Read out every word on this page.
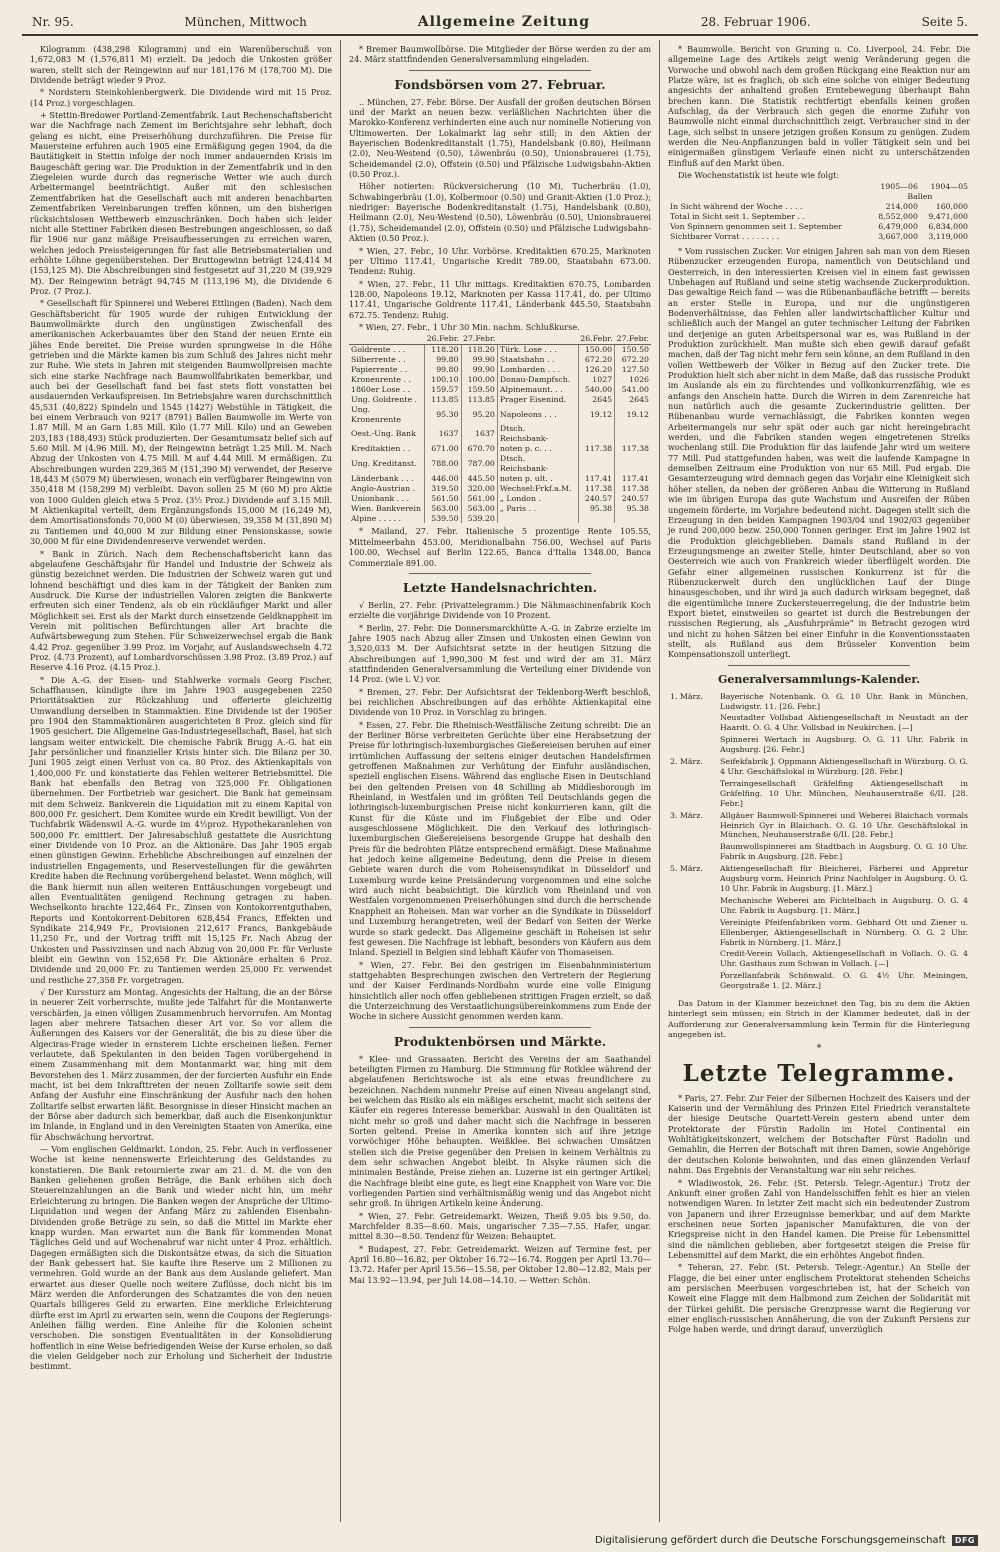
Nr. 95.	München, Mittwoch	Allgemeine Zeitung	28. Februar 1906.	Seite 5.

Kilogramm (438,298 Kilogramm) und ein Warenüberschuß von 1,672,083 M (1,576,811 M) erzielt. Da jedoch die Unkosten größer waren, stellt sich der Reingewinn auf nur 181,176 M (178,700 M). Die Dividende beträgt wieder 9 Proz.

* Nordstern Steinkohlenbergwerk. Die Dividende wird mit 15 Proz. (14 Proz.) vorgeschlagen.

+ Stettin-Bredower Portland-Zementfabrik. Laut Rechenschaftsbericht war die Nachfrage nach Zement im Berichtsjahre sehr lebhaft, doch gelang es nicht, eine Preiserhöhung durchzuführen. Die Preise für Mauersteine erfuhren auch 1905 eine Ermäßigung gegen 1904, da die Bautätigkeit in Stettin infolge der noch immer andauernden Krisis im Baugeschäft gering war. Die Produktion in der Zementfabrik und in den Ziegeleien wurde durch das regnerische Wetter wie auch durch Arbeitermangel beeinträchtigt. Außer mit den schlesischen Zementfabriken hat die Gesellschaft auch mit anderen benachbarten Zementfabriken Vereinbarungen treffen können, um den bisherigen rücksichtslosen Wettbewerb einzuschränken. Doch haben sich leider nicht alle Stettiner Fabriken diesen Bestrebungen angeschlossen, so daß für 1906 nur ganz mäßige Preisaufbesserungen zu erreichen waren, welchen jedoch Preissteigerungen für fast alle Betriebsmaterialien und erhöhte Löhne gegenüberstehen. Der Bruttogewinn beträgt 124,414 M (153,125 M). Die Abschreibungen sind festgesetzt auf 31,220 M (39,929 M). Der Reingewinn beträgt 94,745 M (113,196 M), die Dividende 6 Proz. (7 Proz.).

* Gesellschaft für Spinnerei und Weberei Ettlingen (Baden). Nach dem Geschäftsbericht für 1905 wurde der ruhigen Entwicklung der Baumwollmärkte durch den ungünstigen Zwischenfall des amerikanischen Ackerbauamtes über den Stand der neuen Ernte ein jähes Ende bereitet. Die Preise wurden sprungweise in die Höhe getrieben und die Märkte kamen bis zum Schluß des Jahres nicht mehr zur Ruhe. Wie stets in Jahren mit steigenden Baumwollpreisen machte sich eine starke Nachfrage nach Baumwollfabrikaten bemerkbar, und auch bei der Gesellschaft fand bei fast stets flott vonstatten bei ausdauernden Verkaufspreisen. Im Betriebsjahre waren durchschnittlich 45,531 (40,822) Spindeln und 1545 (1427) Webstühle in Tätigkeit, die bei einem Verbrauch von 9217 (8791) Ballen Baumwolle im Werte von 1.87 Mill. M an Garn 1.85 Mill. Kilo (1.77 Mill. Kilo) und an Geweben 203,183 (188,493) Stück produzierten. Der Gesamtumsatz belief sich auf 5.60 Mill. M (4.96 Mill. M), der Reingewinn beträgt 1.25 Mill. M. Nach Abzug der Unkosten von 4.75 Mill. M auf 4.44 Mill. M ermäßigen. Zu Abschreibungen wurden 229,365 M (151,390 M) verwendet, der Reserve 18,443 M (5079 M) überwiesen, wonach ein verfügbarer Reingewinn von 350,418 M (158,299 M) verbleibt. Davon sollen 25 M (60 M) pro Aktie von 1000 Gulden gleich etwa 5 Proz. (3½ Proz.) Dividende auf 3.15 Mill. M Aktienkapital verteilt, dem Ergänzungsfonds 15,000 M (16,249 M), dem Amortisationsfonds 70,000 M (0) überwiesen, 39,358 M (31,890 M) zu Tantiemen und 40,000 M zur Bildung einer Pensionskasse, sowie 30,000 M für eine Dividendenreserve verwendet werden.

* Bank in Zürich. Nach dem Rechenschaftsbericht kann das abgelaufene Geschäftsjahr für Handel und Industrie der Schweiz als günstig bezeichnet werden. Die Industrien der Schweiz waren gut und lohnend beschäftigt und dies kam in der Tätigkeit der Banken zum Ausdruck. Die Kurse der industriellen Valoren zeigten die Bankwerte erfreuten sich einer Tendenz, als ob ein rückläufiger Markt und aller Möglichkeit sei. Erst als der Markt durch einsetzende Geldknappheit im Verein mit politischen Befürchtungen aller Art brachte die Aufwärtsbewegung zum Stehen. Für Schweizerwechsel ergab die Bank 4.42 Proz. gegenüber 3.99 Proz. im Vorjahr, auf Auslandswechseln 4.72 Proz. (4.73 Prozent), auf Lombardvorschüssen 3.98 Proz. (3.89 Proz.) auf Reserve 4.16 Proz. (4.15 Proz.).

* Die A.-G. der Eisen- und Stahlwerke vormals Georg Fischer, Schaffhausen, kündigte ihre im Jahre 1903 ausgegebenen 2250 Prioritätsaktien zur Rückzahlung und offerierte gleichzeitig Umwandlung derselben in Stammaktien. Eine Dividende ist der 1905er pro 1904 den Stammaktionären ausgerichteten 8 Proz. gleich sind für 1905 gesichert. Die Allgemeine Gas-Industriegesellschaft, Basel, hat sich langsam weiter entwickelt. Die chemische Fabrik Brugg A.-G. hat ein Jahr persönlicher und finanzieller Krisis hinter sich. Die Bilanz per 30. Juni 1905 zeigt einen Verlust von ca. 80 Proz. des Aktienkapitals von 1,400,000 Fr. und konstatierte das Fehlen weiterer Betriebsmittel. Die Bank hat ebenfalls den Betrag von 325,000 Fr. Obligationen übernehmen. Der Fortbetrieb war gesichert. Die Bank hat gemeinsam mit dem Schweiz. Bankverein die Liquidation mit zu einem Kapital von 800,000 Fr. gesichert. Dem Komitee wurde ein Kredit bewilligt. Von der Tuchfabrik Wädenswil A.-G. wurde im 4½proz. Hypothekaranlehen von 500,000 Fr. emittiert. Der Jahresabschluß gestattete die Ausrichtung einer Dividende von 10 Proz. an die Aktionäre. Das Jahr 1905 ergab einen günstigen Gewinn. Erhebliche Abschreibungen auf einzelnen der industriellen Engagements, und Reservestellungen für die gewährten Kredite haben die Rechnung vorübergehend belastet. Wenn möglich, will die Bank hiermit nun allen weiteren Enttäuschungen vorgebeugt und allen Eventualitäten genügend Rechnung getragen zu haben. Wechselkonto brachte 122,464 Fr., Zinsen von Kontokorrentguthaben, Reports und Kontokorrent-Debitoren 628,454 Francs, Effekten und Syndikate 214,949 Fr., Provisionen 212,617 Francs, Bankgebäude 11,250 Fr., und der Vortrag trifft mit 15,125 Fr. Nach Abzug der Unkosten und Passivzinsen und nach Abzug von 20,000 Fr. für Verluste bleibt ein Gewinn von 152,658 Fr. Die Aktionäre erhalten 6 Proz. Dividende und 20,000 Fr. zu Tantiemen werden 25,000 Fr. verwendet und restliche 27,358 Fr. vorgetragen.

√ Der Kurssturz am Montag. Angesichts der Haltung, die an der Börse in neuerer Zeit vorherrschte, mußte jede Talfahrt für die Montanwerte verschärfen, ja einen völligen Zusammenbruch hervorrufen. Am Montag lagen aber mehrere Tatsachen dieser Art vor. So vor allem die Äußerungen des Kaisers vor der Generalität, die bis zu diese über die Algeciras-Frage wieder in ernsterem Lichte erscheinen ließen. Ferner verlautete, daß Spekulanten in den beiden Tagen vorübergehend in einem Zusammenhang mit dem Montanmarkt war, hing mit dem Bevorstehen des 1. März zusammen, der der forcierten Ausfuhr ein Ende macht, ist bei dem Inkrafttreten der neuen Zolltarife sowie seit dem Anfang der Ausfuhr eine Einschränkung der Ausfuhr nach den hohen Zolltarife selbst erwarten läßt. Besorgnisse in dieser Hinsicht machen an der Börse aber dadurch sich bemerkbar, daß auch die Eisenkonjunktur im Inlande, in England und in den Vereinigten Staaten von Amerika, eine für Abschwächung hervortrat.

— Vom englischen Geldmarkt. London, 25. Febr. Auch in verflossener Woche ist keine nennenswerte Erleichterung des Geldstandes zu konstatieren. Die Bank retournierte zwar am 21. d. M. die von den Banken geliehenen großen Beträge, die Bank erhöhen sich doch Steuereinzahlungen an die Bank und wieder nicht hin, um mehr Erleichterung zu bringen. Die Banken wegen der Ansprüche der Ultimo-Liquidation und wegen der Anfang März zu zahlenden Eisenbahn-Dividenden große Beträge zu sein, so daß die Mittel im Markte eher knapp wurden. Man erwartet nun die Bank für kommenden Monat Tägliches Geld und auf Wochenabruf war nicht unter 4 Proz. erhältlich. Dagegen ermäßigten sich die Diskontsätze etwas, da sich die Situation der Bank gebessert hat. Sie kaufte ihre Reserve um 2 Millionen zu vermehren. Gold wurde an der Bank aus dem Auslande geliefert. Man erwartet aus dieser Quelle noch weitere Zuflüsse, doch nicht bis im März werden die Anforderungen des Schatzamtes die von den neuen Quartals billigeres Geld zu erwarten. Eine merkliche Erleichterung dürfte erst im April zu erwarten sein, wenn die Coupons der Regierungs-Anleihen fällig werden. Eine Anleihe für die Kolonien scheint verschoben. Die sonstigen Eventualitäten in der Konsolidierung hoffentlich in eine Weise befriedigenden Weise der Kurse erholen, so daß die vielen Geldgeber noch zur Erholung und Sicherheit der Industrie bestimmt.

* Bremer Baumwollbörse. Die Mitglieder der Börse werden zu der am 24. März stattfindenden Generalversammlung eingeladen.

Fondsbörsen vom 27. Februar.

.. München, 27. Febr. Börse. Der Ausfall der großen deutschen Börsen und der Markt an neuen bezw. verläßlichen Nachrichten über die Marokko-Konferenz verhinderten eine auch nur nominelle Notierung von Ultimowerten. Der Lokalmarkt lag sehr still; in den Aktien der Bayerischen Bodenkreditanstalt (1.75), Handelsbank (0.80), Heilmann (2.0), Neu-Westend (0.50), Löwenbräu (0.50), Unionsbrauerei (1.75), Scheidemandel (2.0), Offstein (0.50) und Pfälzische Ludwigsbahn-Aktien (0.50 Proz.).

Höher notierten: Rückversicherung (10 M), Tucherbräu (1.0), Schwabingerbräu (1.0), Kolbermoor (0.50) und Granit-Aktien (1.0 Proz.); niedriger: Bayerische Bodenkreditanstalt (1.75), Handelsbank (0.80), Heilmann (2.0), Neu-Westend (0.50), Löwenbräu (0.50), Unionsbrauerei (1.75), Scheidemandel (2.0), Offstein (0.50) und Pfälzische Ludwigsbahn-Aktien (0.50 Proz.).

* Wien, 27. Febr., 10 Uhr. Vorbörse. Kreditaktien 670.25, Marknoten per Ultimo 117.41, Ungarische Kredit 789.00, Staatsbahn 673.00. Tendenz: Ruhig.

* Wien, 27. Febr., 11 Uhr mittags. Kreditaktien 670.75, Lombarden 128.00, Napoleons 19.12, Marknoten per Kassa 117.41, do. per Ultimo 117.41, Ungarische Goldrente 117.41, Länderbank 445.50, Staatsbahn 672.75. Tendenz: Ruhig.

* Wien, 27. Febr., 1 Uhr 30 Min. nachm. Schlußkurse.

	26.Febr.	27.Febr.		26.Febr.	27.Febr.
Goldrente . . .	118.20	118.20	Türk. Lose . . .	150.00	150.50
Silberrente . .	99.80	99.90	Staatsbahn . .	672.20	672.20
Papierrente . .	99.80	99.90	Lombarden . . .	126.20	127.50
Kronenrente . .	100.10	100.00	Donau-Dampfsch.	1027	1026
1860er Lose . .	159.57	159.50	Alpinemaunt. . .	540.00	541.00
Ung. Goldrente .	113.85	113.85	Prager Eisenind.	2645	2645
Ung. Kronenrente	95.30	95.20	Napoleons . . .	19.12	19.12
Oest.-Ung. Bank	1637	1637	Dtsch. Reichsbank-		
Kreditaktien . .	671.00	670.70	noten p. c. . .	117.38	117.38
Ung. Kreditanst.	788.00	787.00	Dtsch. Reichsbank-		
Länderbank . . .	446.00	445.50	noten p. ult. .	117.41	117.41
Anglo-Austrian .	319.50	320.00	Wechsel:Frkf.a.M.	117.38	117.38
Unionbank . . .	561.50	561.00	„ London .	240.57	240.57
Wien. Bankverein	563.00	563.00	„ Paris . .	95.38	95.38
Alpine . . . . .	539.50	539.20			

* Mailand, 27. Febr. Italienische 5 prozentige Rente 105.55, Mittelmeerbahn 453.00, Meridionalbahn 756.00, Wechsel auf Paris 100.00, Wechsel auf Berlin 122.65, Banca d'Italia 1348.00, Banca Commerziale 891.00.

Letzte Handelsnachrichten.

√ Berlin, 27. Febr. (Privattelegramm.) Die Nähmaschinenfabrik Koch erzielte die vorjährige Dividende von 10 Prozent.

* Berlin, 27. Febr. Die Donnersmarckhütte A.-G. in Zabrze erzielte im Jahre 1905 nach Abzug aller Zinsen und Unkosten einen Gewinn von 3,520,033 M. Der Aufsichtsrat setzte in der heutigen Sitzung die Abschreibungen auf 1,990,300 M fest und wird der am 31. März stattfindenden Generalversammlung die Verteilung einer Dividende von 14 Proz. (wie i. V.) vor.

* Bremen, 27. Febr. Der Aufsichtsrat der Teklenborg-Werft beschloß, bei reichlichen Abschreibungen auf das erhöhte Aktienkapital eine Dividende von 10 Proz. in Vorschlag zu bringen.

* Essen, 27. Febr. Die Rheinisch-Westfälische Zeitung schreibt: Die an der Berliner Börse verbreiteten Gerüchte über eine Herabsetzung der Preise für lothringisch-luxemburgisches Gießereieisen beruhen auf einer irrtümlichen Auffassung der seitens einiger deutschen Handelsfirmen getroffenen Maßnahmen zur Verhütung der Einfuhr ausländischen, speziell englischen Eisens. Während das englische Eisen in Deutschland bei den geltenden Preisen von 48 Schilling ab Middlesborough im Rheinland, in Westfalen und im größten Teil Deutschlands gegen die lothringisch-luxemburgischen Preise nicht konkurrieren kann, gilt die Kunst für die Küste und im Flußgebiet der Elbe und Oder ausgeschlossene Möglichkeit. Die den Verkauf des lothringisch-luxemburgischen Gießereieisens besorgende Gruppe hat deshalb den Preis für die bedrohten Plätze entsprechend ermäßigt. Diese Maßnahme hat jedoch keine allgemeine Bedeutung, denn die Preise in diesem Gebiete waren durch die vom Roheisensyndikat in Düsseldorf und Luxemburg wurde keine Preisänderung vorgenommen und eine solche wird auch nicht beabsichtigt. Die kürzlich vom Rheinland und von Westfalen vorgenommenen Preiserhöhungen sind durch die herrschende Knappheit an Roheisen. Man war vorher an die Syndikate in Düsseldorf und Luxemburg herangetreten, weil der Bedarf von Seiten der Werke wurde so stark gedeckt. Das Allgemeine geschäft in Roheisen ist sehr fest gewesen. Die Nachfrage ist lebhaft, besonders von Käufern aus dem Inland. Speziell in Belgien sind lebhaft Käufer von Thomaseisen.

* Wien, 27. Febr. Bei den gestrigen im Eisenbahnministerium stattgehabten Besprechungen zwischen den Vertretern der Regierung und der Kaiser Ferdinands-Nordbahn wurde eine volle Einigung hinsichtlich aller noch offen gebliebenen strittigen Fragen erzielt, so daß die Unterzeichnung des Verstaatlichungsübereinkommens zum Ende der Woche in sichere Aussicht genommen werden kann.

Produktenbörsen und Märkte.

* Klee- und Grassaaten. Bericht des Vereins der am Saathandel beteiligten Firmen zu Hamburg. Die Stimmung für Rotklee während der abgelaufenen Berichtswoche ist als eine etwas freundlichere zu bezeichnen. Nachdem nunmehr Preise auf einen Niveau angelangt sind, bei welchem das Risiko als ein mäßiges erscheint, macht sich seitens der Käufer ein regeres Interesse bemerkbar. Auswahl in den Qualitäten ist nicht mehr so groß und daher macht sich die Nachfrage in besseren Sorten geltend. Preise in Amerika konnten sich auf ihre jetzige vorwöchiger Höhe behaupten. Weißklee. Bei schwachen Umsätzen stellen sich die Preise gegenüber den Preisen in keinem Verhältnis zu dem sehr schwachen Angebot bleibt. In Alsyke räumen sich die minimalen Bestände, Preise ziehen an. Luzerne ist ein geringer Artikel; die Nachfrage bleibt eine gute, es liegt eine Knappheit von Ware vor. Die vorliegenden Partien sind verhältnismäßig wenig und das Angebot nicht sehr groß. In übrigen Artikeln keine Änderung.

* Wien, 27. Febr. Getreidemarkt. Weizen, Theiß 9.05 bis 9.50, do. Marchfelder 8.35—8.60. Mais, ungarischer 7.35—7.55. Hafer, ungar. mittel 8.30—8.50. Tendenz für Weizen: Behauptet.

* Budapest, 27. Febr. Getreidemarkt. Weizen auf Termine fest, per April 16.80—16.82, per Oktober 16.72—16.74. Roggen per April 13.70—13.72. Hafer per April 15.56—15.58, per Oktober 12.80—12.82, Mais per Mai 13.92—13.94, per Juli 14.08—14.10. — Wetter: Schön.

* Baumwolle. Bericht von Gruning u. Co. Liverpool, 24. Febr. Die allgemeine Lage des Artikels zeigt wenig Veränderung gegen die Vorwoche und obwohl nach dem großen Rückgang eine Reaktion nur am Platze wäre, ist es fraglich, ob sich eine solche von einiger Bedeutung angesichts der anhaltend großen Erntebewegung überhaupt Bahn brechen kann. Die Statistik rechtfertigt ebenfalls keinen großen Aufschlag, da der Verbrauch sich gegen die enorme Zufuhr von Baumwolle nicht einmal durchschnittlich zeigt. Verbraucher sind in der Lage, sich selbst in unsere jetzigen großen Konsum zu genügen. Zudem werden die Neu-Anpflanzungen bald in voller Tätigkeit sein und bei einigermaßen günstigem Verlaufe einen nicht zu unterschätzenden Einfluß auf den Markt üben.

Die Wochenstatistik ist heute wie folgt:

	1905—06	1904—05
	Ballen	
In Sicht während der Woche . . . .	214,000	160,000
Total in Sicht seit 1. September . .	8,552,000	9,471,000
Von Spinnern genommen seit 1. September	6,479,000	6,834,000
Sichtbarer Vorrat . . . . . . . .	3,667,000	3,119,000

* Vom russischen Zucker. Vor einigen Jahren sah man von dem Riesen Rübenzucker erzeugenden Europa, namentlich von Deutschland und Oesterreich, in den interessierten Kreisen viel in einem fast gewissen Unbehagen auf Rußland und seine stetig wachsende Zuckerproduktion. Das gewaltige Reich fand — was die Rübenanbaufläche betrifft — bereits an erster Stelle in Europa, und nur die ungünstigeren Bodenverhältnisse, das Fehlen aller landwirtschaftlicher Kultur und schließlich auch der Mangel an guter technischer Leitung der Fabriken und derjenige an guten Arbeitspersonal war es, was Rußland in der Produktion zurückhielt. Man mußte sich eben gewiß darauf gefaßt machen, daß der Tag nicht mehr fern sein könne, an dem Rußland in den vollen Wettbewerb der Völker in Bezug auf den Zucker trete. Die Produktion hielt sich aber nicht in dem Maße, daß das russische Produkt im Auslande als ein zu fürchtendes und vollkonkurrenzfähig, wie es anfangs den Anschein hatte. Durch die Wirren in dem Zarenreiche hat nun natürlich auch die gesamte Zuckerindustrie gelitten. Der Rübenanbau wurde vernachlässigt, die Fabriken konnten wegen Arbeitermangels nur sehr spät oder auch gar nicht hereingebracht werden, und die Fabriken standen wegen eingetretenen Streiks wochenlang still. Die Produktion für das laufende Jahr wird um weitere 77 Mill. Pud stattgefunden haben, was weit die laufende Kampagne in demselben Zeitraum eine Produktion von nur 65 Mill. Pud ergab. Die Gesamterzeugung wird demnach gegen das Vorjahr eine Kleinigkeit sich höher stellen, da neben der größeren Anbau die Witterung in Rußland wie im übrigen Europa das gute Wachstum und Ausreifen der Rüben ungemein förderte, im Vorjahre bedeutend nicht. Dagegen stellt sich die Erzeugung in den beiden Kampagnen 1903/04 und 1902/03 gegenüber je rund 200,000 bezw. 250,000 Tonnen geringer. Erst im Jahre 1902 ist die Produktion gleichgeblieben. Damals stand Rußland in der Erzeugungsmenge an zweiter Stelle, hinter Deutschland, aber so von Oesterreich wie auch von Frankreich wieder überflügelt worden. Die Gefahr einer allgemeinen russischen Konkurrenz ist für die Rübenzuckerwelt durch den unglücklichen Lauf der Dinge hinausgeschoben, und ihr wird ja auch dadurch wirksam begegnet, daß die eigentümliche innere Zuckersteuerregelung, die der Industrie beim Export bietet, einstweilen so geartet ist durch die Bestrebungen der russischen Regierung, als „Ausfuhrprämie“ in Betracht gezogen wird und nicht zu hohen Sätzen bei einer Einfuhr in die Konventionsstaaten stellt, als Rußland aus dem Brüsseler Konvention beim Kompensationszoll unterliegt.

Generalversammlungs-Kalender.
1. März.	Bayerische Notenbank. O. G. 10 Uhr. Bank in München, Ludwigstr. 11. [26. Febr.]
	Neustadter Vollsbad Aktiengesellschaft in Neustadt an der Haardt. O. G. 4 Uhr. Vollsbad in Neukirchen. [—]
	Spinnerei Wertach in Augsburg. O. G. 11 Uhr. Fabrik in Augsburg. [26. Febr.]
2. März.	Seifekfabrik J. Oppmann Aktiengesellschaft in Würzburg. O. G. 4 Uhr. Geschäftslokal in Würzburg. [28. Febr.]
	Terraingesellschaft Gräfelfing Aktiengesellschaft in Gräfelfing. 10 Uhr. München, Neuhauserstraße 6/II. [28. Febr.]
3. März.	Allgäuer Baumwoll-Spinnerei und Weberei Blaichach vormals Heinrich Gyr in Blaichach. O. G. 10 Uhr. Geschäftslokal in München, Neuhauserstraße 6/II. [28. Febr.]
	Baumwollspinnerei am Stadtbach in Augsburg. O. G. 10 Uhr. Fabrik in Augsburg. [28. Febr.]
5. März.	Aktiengesellschaft für Bleicherei, Färberei und Appretur Augsburg vorm. Heinrich Prinz Nachfolger in Augsburg. O. G. 10 Uhr. Fabrik in Augsburg. [1. März.]
	Mechanische Weberei am Fichtelbach in Augsburg. O. G. 4 Uhr. Fabrik in Augsburg. [1. März.]
	Vereinigte Pfeifenfabriken vorm. Gebhard Ott und Ziener u. Ellenberger, Aktiengesellschaft in Nürnberg. O. G. 2 Uhr. Fabrik in Nürnberg. [1. März.]
	Credit-Verein Vollach, Aktiengesellschaft in Vollach. O. G. 4 Uhr. Gasthaus zum Schwan in Vollach. [—]
	Porzellanfabrik Schönwald. O. G. 4½ Uhr. Meiningen, Georgstraße 1. [2. März.]

Das Datum in der Klammer bezeichnet den Tag, bis zu dem die Aktien hinterlegt sein müssen; ein Strich in der Klammer bedeutet, daß in der Aufforderung zur Generalversammlung kein Termin für die Hinterlegung angegeben ist.

*
Letzte Telegramme.

* Paris, 27. Febr. Zur Feier der Silbernen Hochzeit des Kaisers und der Kaiserin und der Vermählung des Prinzen Eitel Friedrich veranstaltete der hiesige Deutsche Quartett-Verein gestern abend unter dem Protektorate der Fürstin Radolin im Hotel Continental ein Wohltätigkeitskonzert, welchem der Botschafter Fürst Radolin und Gemahlin, die Herren der Botschaft mit ihren Damen, sowie Angehörige der deutschen Kolonie beiwohnten, und das einen glänzenden Verlauf nahm. Das Ergebnis der Veranstaltung war ein sehr reiches.

* Wladiwostok, 26. Febr. (St. Petersb. Telegr.-Agentur.) Trotz der Ankunft einer großen Zahl von Handelsschiffen fehlt es hier an vielen notwendigen Waren. In letzter Zeit macht sich ein bedeutender Zustrom von Japanern und ihrer Erzeugnisse bemerkbar, und auf dem Markte erscheinen neue Sorten japanischer Manufakturen, die von der Kriegspreise nicht in den Handel kamen. Die Preise für Lebensmittel sind die nämlichen geblieben, aber fortgesetzt steigen die Preise für Lebensmittel auf dem Markt, die ein erhöhtes Angebot finden.

* Teheran, 27. Febr. (St. Petersb. Telegr.-Agentur.) An Stelle der Flagge, die bei einer unter englischem Protektorat stehenden Scheichs am persischen Meerbusen vorgeschrieben ist, hat der Scheich von Koweit eine Flagge mit dem Halbmond zum Zeichen der Solidarität mit der Türkei gehißt. Die persische Grenzpresse warnt die Regierung vor einer englisch-russischen Annäherung, die von der Zukunft Persiens zur Folge haben werde, und dringt darauf, unverzüglich

Digitalisierung gefördert durch die Deutsche Forschungsgemeinschaft	DFG
